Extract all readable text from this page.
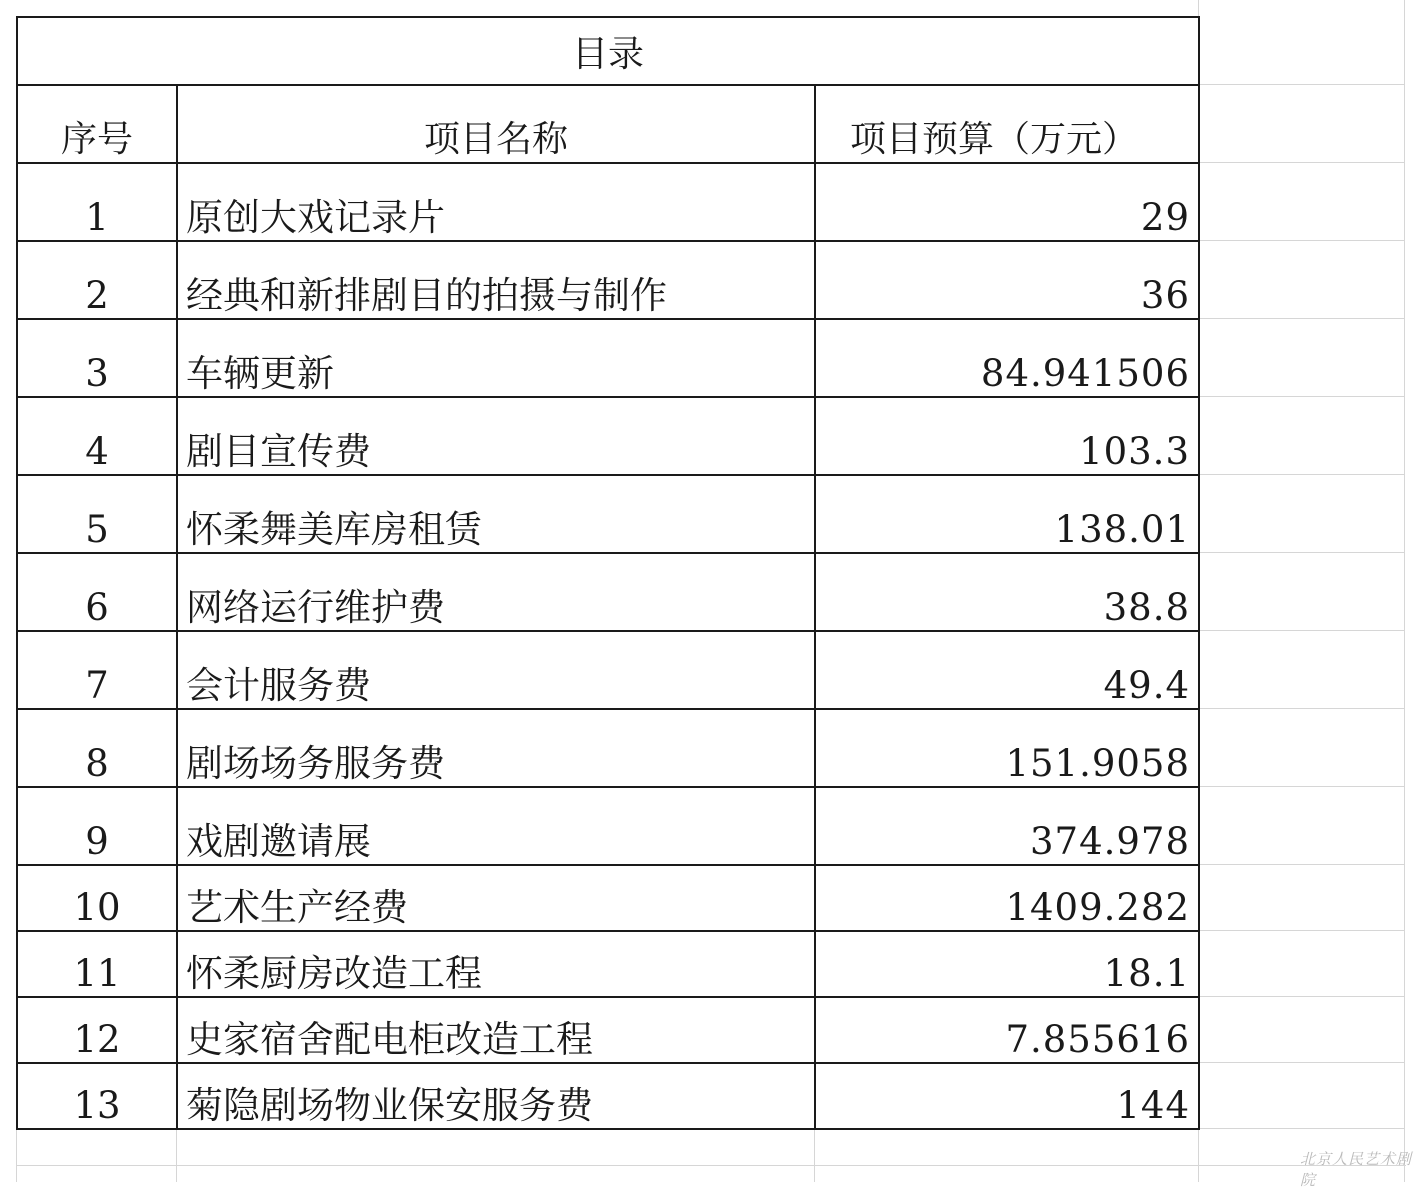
目录		
序号	项目名称	项目预算（万元）
1	原创大戏记录片	29
2	经典和新排剧目的拍摄与制作	36
3	车辆更新	84.941506
4	剧目宣传费	103.3
5	怀柔舞美库房租赁	138.01
6	网络运行维护费	38.8
7	会计服务费	49.4
8	剧场场务服务费	151.9058
9	戏剧邀请展	374.978
10	艺术生产经费	1409.282
11	怀柔厨房改造工程	18.1
12	史家宿舍配电柜改造工程	7.855616
13	菊隐剧场物业保安服务费	144
北京人民艺术剧院
